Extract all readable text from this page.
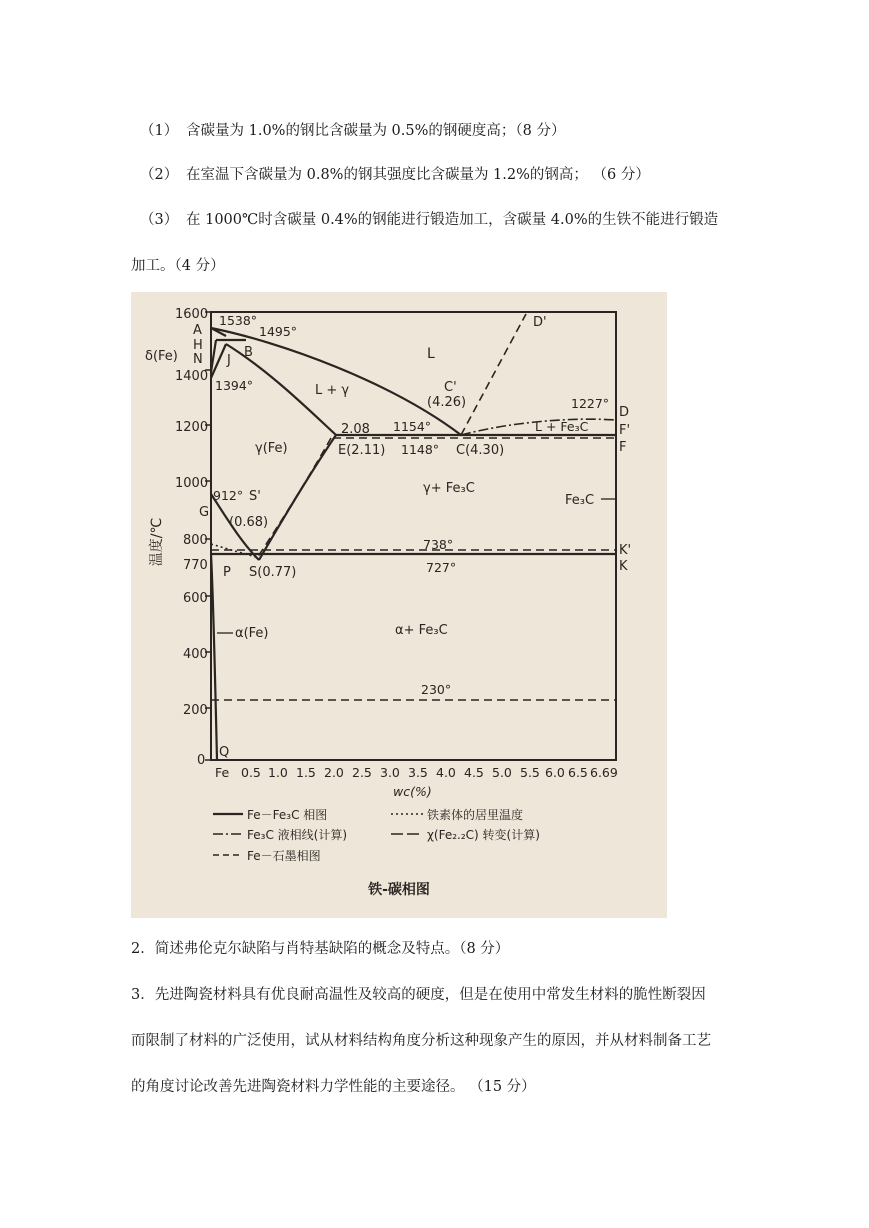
（1） 含碳量为 1.0%的钢比含碳量为 0.5%的钢硬度高；（8 分）
（2） 在室温下含碳量为 0.8%的钢其强度比含碳量为 1.2%的钢高； （6 分）
（3） 在 1000℃时含碳量 0.4%的钢能进行锻造加工，含碳量 4.0%的生铁不能进行锻造
加工。（4 分）
1600
1400
1200
1000
800
770
600
400
200
0
温度/℃
Fe 0.5 1.0 1.5 2.0 2.5 3.0 3.5 4.0 4.5 5.0 5.5 6.0 6.5 6.69
wc(%)
A
H
N J
B
D'
C'
(4.26)
C(4.30)
2.08
E(2.11)
D
F'
F
G
S'
(0.68)
S(0.77)
P
K'
K
Q
1538°
1495°
1394°
1154°
1148°
1227°
912°
738°
727°
230°
δ(Fe)	L
L + γ
L + Fe₃C
γ(Fe)
γ+ Fe₃C
Fe₃C
α+ Fe₃C
α(Fe)
Fe－Fe₃C 相图	铁素体的居里温度
Fe₃C 液相线(计算)	χ(Fe₂.₂C) 转变(计算)
Fe－石墨相图
铁-碳相图
2．简述弗伦克尔缺陷与肖特基缺陷的概念及特点。（8 分）
3．先进陶瓷材料具有优良耐高温性及较高的硬度，但是在使用中常发生材料的脆性断裂因
而限制了材料的广泛使用，试从材料结构角度分析这种现象产生的原因，并从材料制备工艺
的角度讨论改善先进陶瓷材料力学性能的主要途径。 （15 分）
